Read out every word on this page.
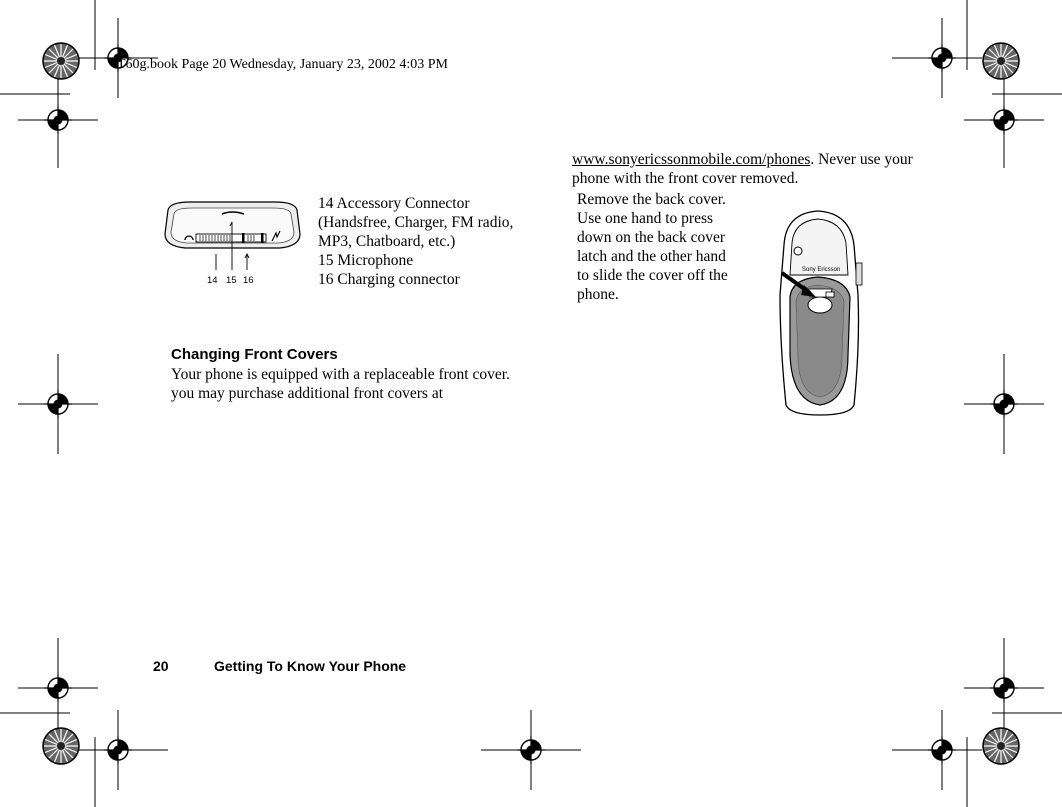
T60g.book Page 20 Wednesday, January 23, 2002 4:03 PM
14 15 16
14 Accessory Connector
(Handsfree, Charger, FM radio,
MP3, Chatboard, etc.)
15 Microphone
16 Charging connector
Changing Front Covers
Your phone is equipped with a replaceable front cover.
you may purchase additional front covers at
www.sonyericssonmobile.com/phones. Never use your
phone with the front cover removed.
Remove the back cover.
Use one hand to press
down on the back cover
latch and the other hand
to slide the cover off the
phone.
Sony Ericsson
20	Getting To Know Your Phone
